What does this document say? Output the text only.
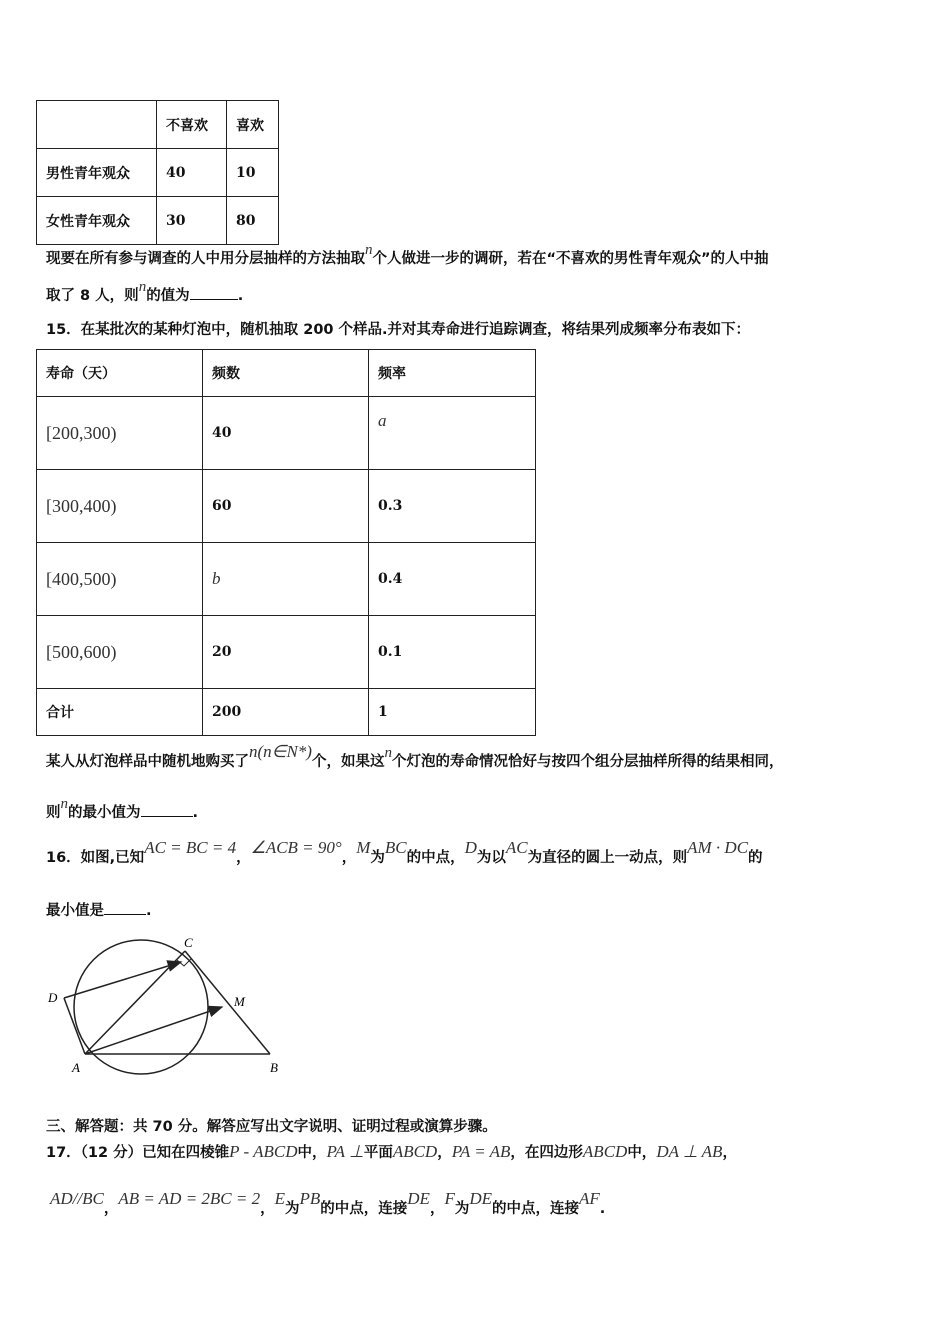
	不喜欢	喜欢
男性青年观众	40	10
女性青年观众	30	80
现要在所有参与调查的人中用分层抽样的方法抽取n个人做进一步的调研，若在“不喜欢的男性青年观众”的人中抽
取了 8 人，则n的值为	.
15．在某批次的某种灯泡中，随机抽取 200 个样品.并对其寿命进行追踪调查，将结果列成频率分布表如下：
寿命（天）	频数	频率
[200,300)	40	a
[300,400)	60	0.3
[400,500)	b	0.4
[500,600)	20	0.1
合计	200	1
某人从灯泡样品中随机地购买了n(n∈N*)个，如果这n个灯泡的寿命情况恰好与按四个组分层抽样所得的结果相同，
则n的最小值为	.
16．如图,已知AC = BC = 4，∠ACB = 90°，M为BC的中点，D为以AC为直径的圆上一动点，则AM · DC的
最小值是	.
A	B
C
D	M
三、解答题：共 70 分。解答应写出文字说明、证明过程或演算步骤。
17．（12 分）已知在四棱锥P - ABCD中，PA ⊥平面ABCD，PA = AB，在四边形ABCD中，DA ⊥ AB，
AD//BC，AB = AD = 2BC = 2，E为PB的中点，连接DE，F为DE的中点，连接AF.
